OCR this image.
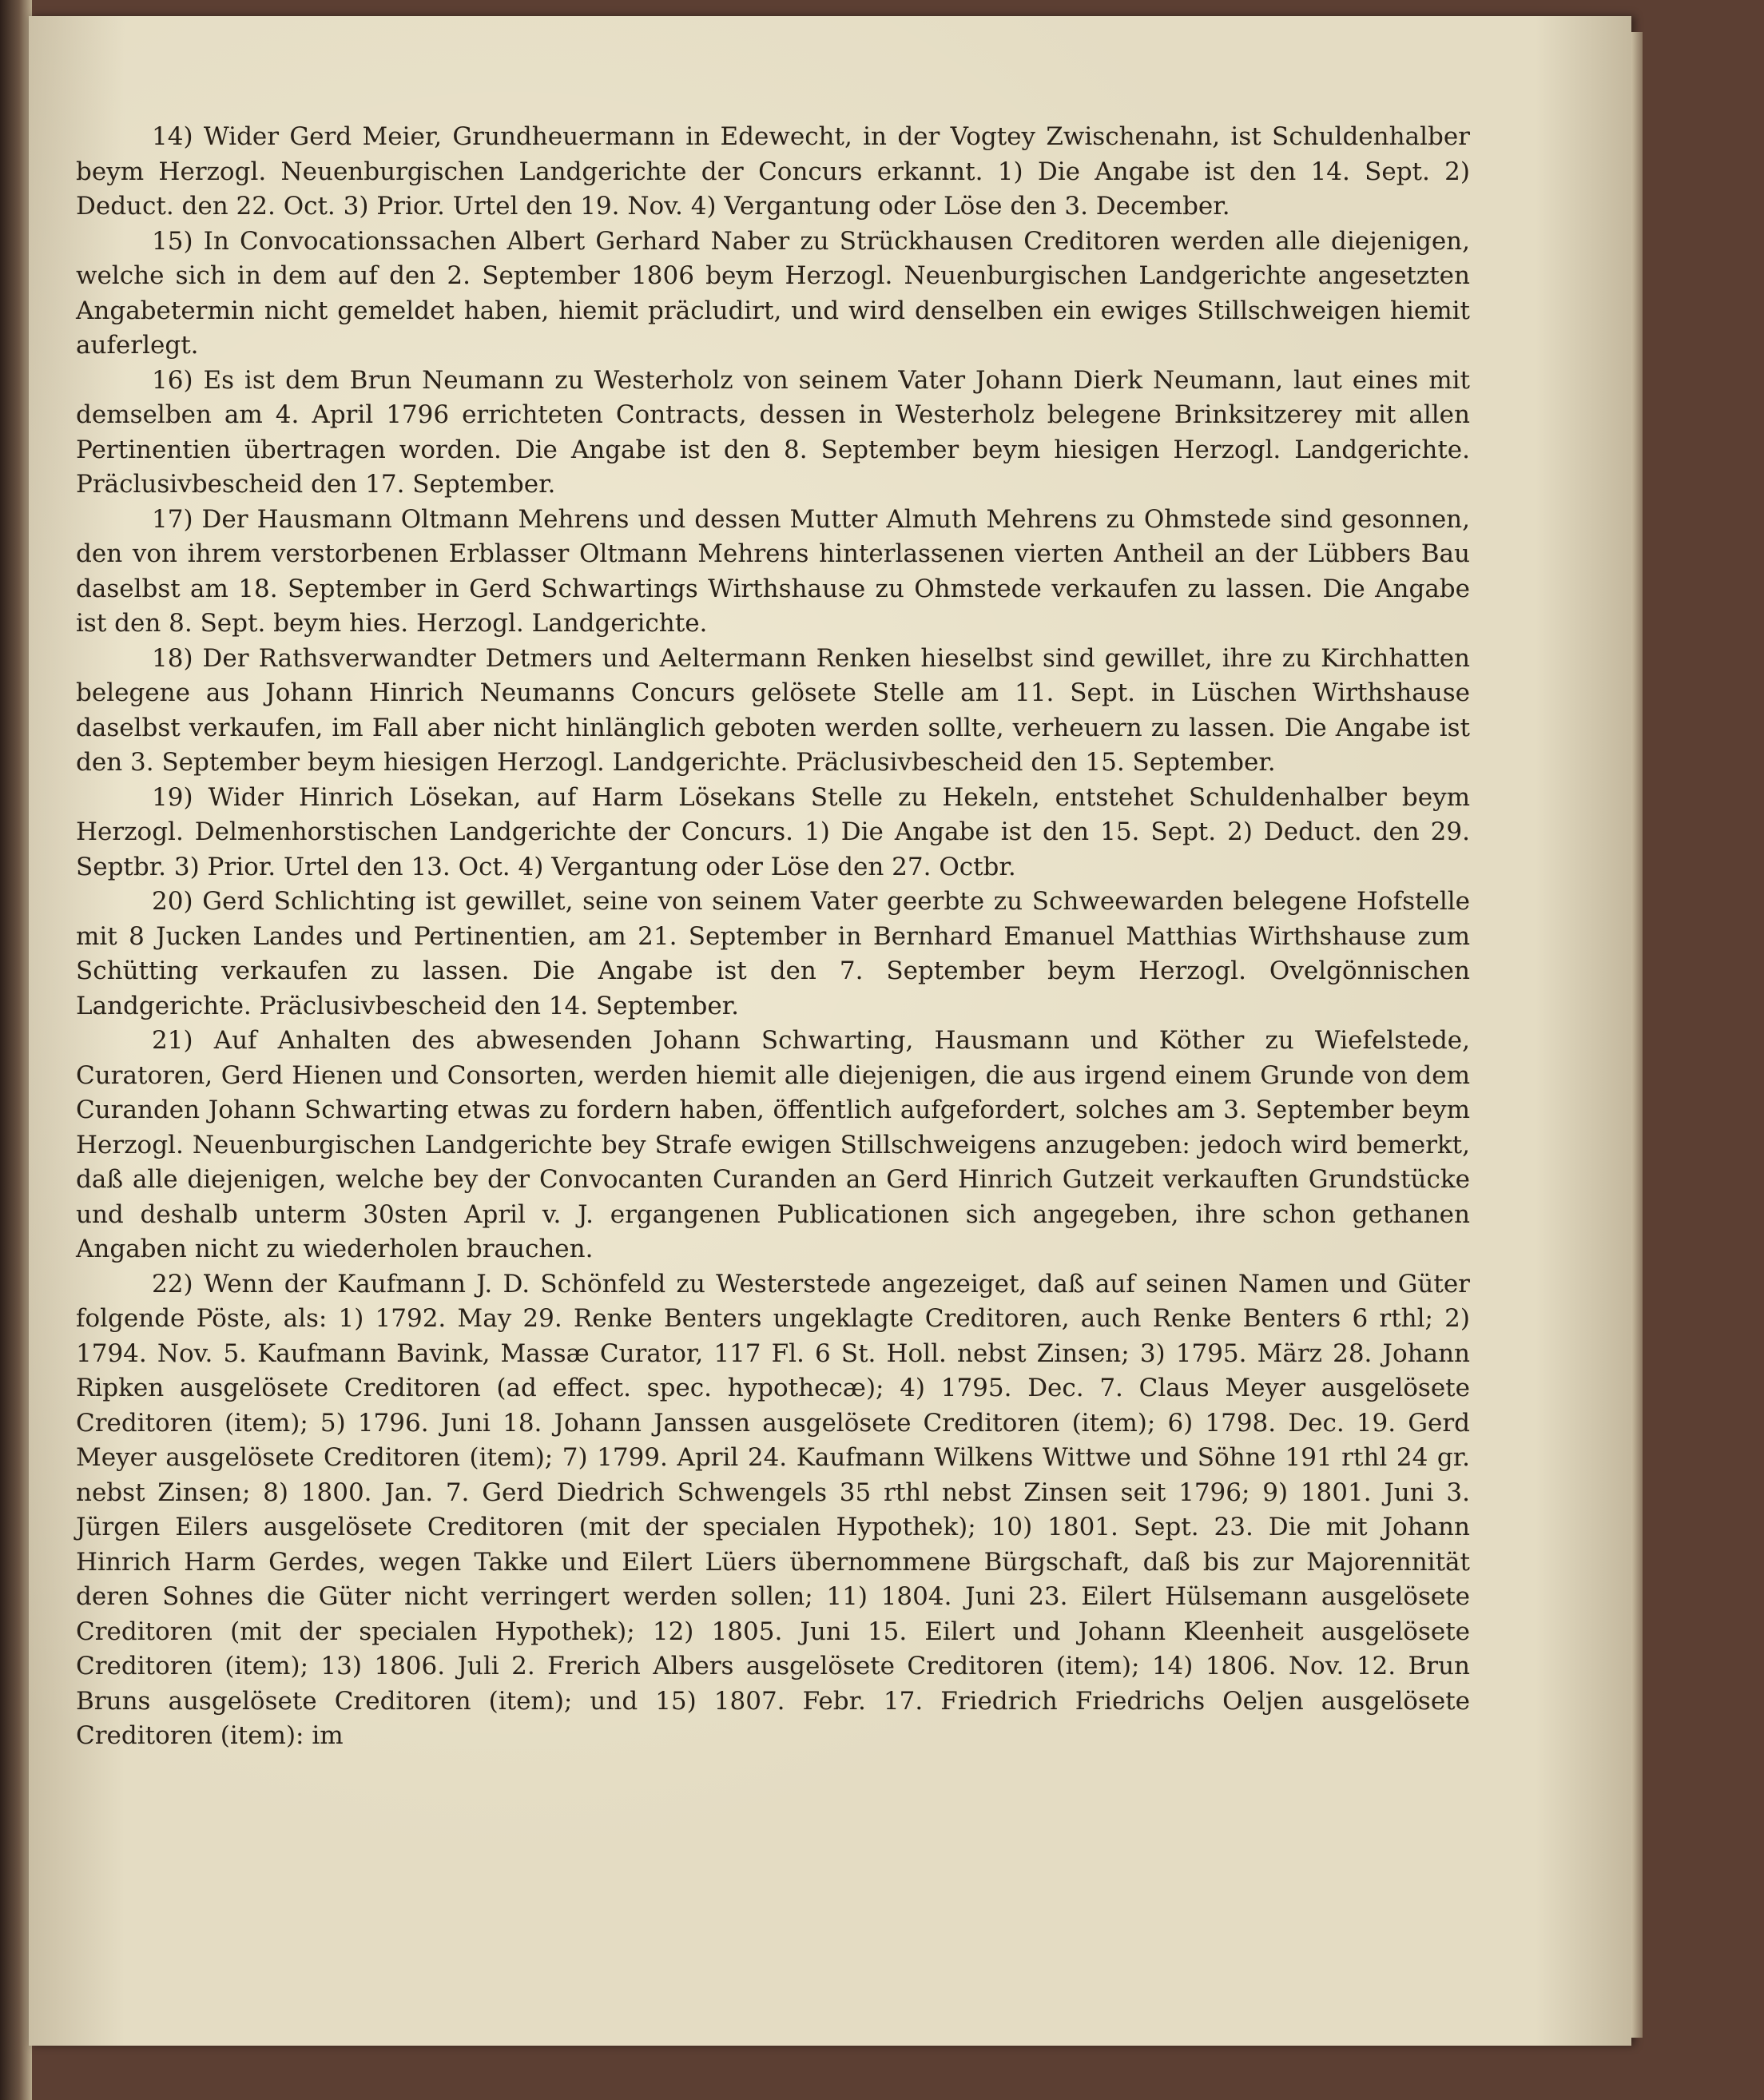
14) Wider Gerd Meier, Grundheuermann in Edewecht, in der Vogtey Zwischenahn, ist Schuldenhalber beym Herzogl. Neuenburgischen Landgerichte der Concurs erkannt. 1) Die Angabe ist den 14. Sept. 2) Deduct. den 22. Oct. 3) Prior. Urtel den 19. Nov. 4) Vergantung oder Löse den 3. December.

15) In Convocationssachen Albert Gerhard Naber zu Strückhausen Creditoren werden alle diejenigen, welche sich in dem auf den 2. September 1806 beym Herzogl. Neuenburgischen Landgerichte angesetzten Angabetermin nicht gemeldet haben, hiemit präcludirt, und wird denselben ein ewiges Stillschweigen hiemit auferlegt.

16) Es ist dem Brun Neumann zu Westerholz von seinem Vater Johann Dierk Neumann, laut eines mit demselben am 4. April 1796 errichteten Contracts, dessen in Westerholz belegene Brinksitzerey mit allen Pertinentien übertragen worden. Die Angabe ist den 8. September beym hiesigen Herzogl. Landgerichte. Präclusivbescheid den 17. September.

17) Der Hausmann Oltmann Mehrens und dessen Mutter Almuth Mehrens zu Ohmstede sind gesonnen, den von ihrem verstorbenen Erblasser Oltmann Mehrens hinterlassenen vierten Antheil an der Lübbers Bau daselbst am 18. September in Gerd Schwartings Wirthshause zu Ohmstede verkaufen zu lassen. Die Angabe ist den 8. Sept. beym hies. Herzogl. Landgerichte.

18) Der Rathsverwandter Detmers und Aeltermann Renken hieselbst sind gewillet, ihre zu Kirchhatten belegene aus Johann Hinrich Neumanns Concurs gelösete Stelle am 11. Sept. in Lüschen Wirthshause daselbst verkaufen, im Fall aber nicht hinlänglich geboten werden sollte, verheuern zu lassen. Die Angabe ist den 3. September beym hiesigen Herzogl. Landgerichte. Präclusivbescheid den 15. September.

19) Wider Hinrich Lösekan, auf Harm Lösekans Stelle zu Hekeln, entstehet Schuldenhalber beym Herzogl. Delmenhorstischen Landgerichte der Concurs. 1) Die Angabe ist den 15. Sept. 2) Deduct. den 29. Septbr. 3) Prior. Urtel den 13. Oct. 4) Vergantung oder Löse den 27. Octbr.

20) Gerd Schlichting ist gewillet, seine von seinem Vater geerbte zu Schweewarden belegene Hofstelle mit 8 Jucken Landes und Pertinentien, am 21. September in Bernhard Emanuel Matthias Wirthshause zum Schütting verkaufen zu lassen. Die Angabe ist den 7. September beym Herzogl. Ovelgönnischen Landgerichte. Präclusivbescheid den 14. September.

21) Auf Anhalten des abwesenden Johann Schwarting, Hausmann und Köther zu Wiefelstede, Curatoren, Gerd Hienen und Consorten, werden hiemit alle diejenigen, die aus irgend einem Grunde von dem Curanden Johann Schwarting etwas zu fordern haben, öffentlich aufgefordert, solches am 3. September beym Herzogl. Neuenburgischen Landgerichte bey Strafe ewigen Stillschweigens anzugeben: jedoch wird bemerkt, daß alle diejenigen, welche bey der Convocanten Curanden an Gerd Hinrich Gutzeit verkauften Grundstücke und deshalb unterm 30sten April v. J. ergangenen Publicationen sich angegeben, ihre schon gethanen Angaben nicht zu wiederholen brauchen.

22) Wenn der Kaufmann J. D. Schönfeld zu Westerstede angezeiget, daß auf seinen Namen und Güter folgende Pöste, als: 1) 1792. May 29. Renke Benters ungeklagte Creditoren, auch Renke Benters 6 rthl; 2) 1794. Nov. 5. Kaufmann Bavink, Massæ Curator, 117 Fl. 6 St. Holl. nebst Zinsen; 3) 1795. März 28. Johann Ripken ausgelösete Creditoren (ad effect. spec. hypothecæ); 4) 1795. Dec. 7. Claus Meyer ausgelösete Creditoren (item); 5) 1796. Juni 18. Johann Janssen ausgelösete Creditoren (item); 6) 1798. Dec. 19. Gerd Meyer ausgelösete Creditoren (item); 7) 1799. April 24. Kaufmann Wilkens Wittwe und Söhne 191 rthl 24 gr. nebst Zinsen; 8) 1800. Jan. 7. Gerd Diedrich Schwengels 35 rthl nebst Zinsen seit 1796; 9) 1801. Juni 3. Jürgen Eilers ausgelösete Creditoren (mit der specialen Hypothek); 10) 1801. Sept. 23. Die mit Johann Hinrich Harm Gerdes, wegen Takke und Eilert Lüers übernommene Bürgschaft, daß bis zur Majorennität deren Sohnes die Güter nicht verringert werden sollen; 11) 1804. Juni 23. Eilert Hülsemann ausgelösete Creditoren (mit der specialen Hypothek); 12) 1805. Juni 15. Eilert und Johann Kleenheit ausgelösete Creditoren (item); 13) 1806. Juli 2. Frerich Albers ausgelösete Creditoren (item); 14) 1806. Nov. 12. Brun Bruns ausgelösete Creditoren (item); und 15) 1807. Febr. 17. Friedrich Friedrichs Oeljen ausgelösete Creditoren (item): im
